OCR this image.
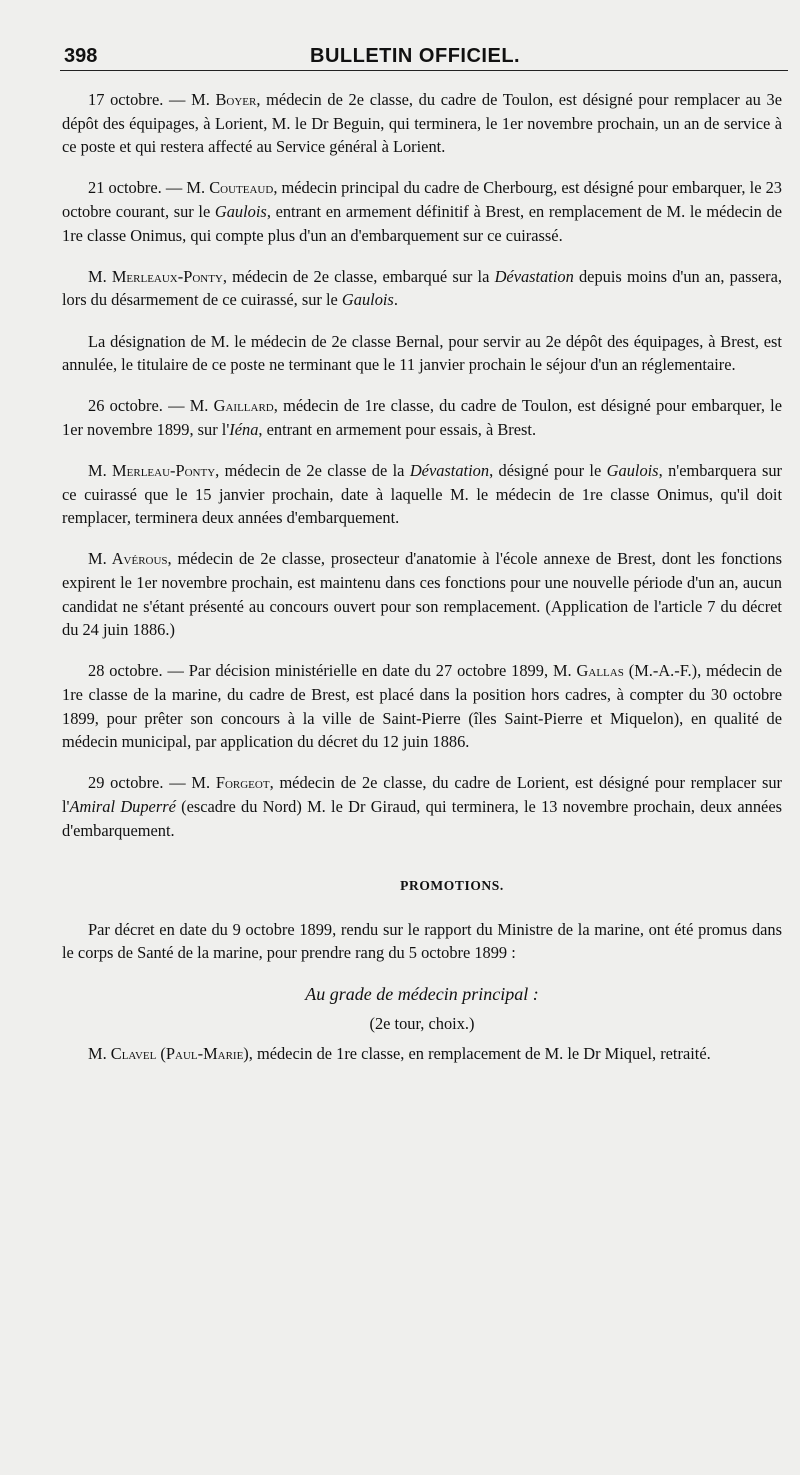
398	BULLETIN OFFICIEL.

17 octobre. — M. Boyer, médecin de 2e classe, du cadre de Toulon, est désigné pour remplacer au 3e dépôt des équipages, à Lorient, M. le Dr Beguin, qui terminera, le 1er novembre prochain, un an de service à ce poste et qui restera affecté au Service général à Lorient.

21 octobre. — M. Couteaud, médecin principal du cadre de Cherbourg, est désigné pour embarquer, le 23 octobre courant, sur le Gaulois, entrant en armement définitif à Brest, en remplacement de M. le médecin de 1re classe Onimus, qui compte plus d'un an d'embarquement sur ce cuirassé.

M. Merleaux-Ponty, médecin de 2e classe, embarqué sur la Dévastation depuis moins d'un an, passera, lors du désarmement de ce cuirassé, sur le Gaulois.

La désignation de M. le médecin de 2e classe Bernal, pour servir au 2e dépôt des équipages, à Brest, est annulée, le titulaire de ce poste ne terminant que le 11 janvier prochain le séjour d'un an réglementaire.

26 octobre. — M. Gaillard, médecin de 1re classe, du cadre de Toulon, est désigné pour embarquer, le 1er novembre 1899, sur l'Iéna, entrant en armement pour essais, à Brest.

M. Merleau-Ponty, médecin de 2e classe de la Dévastation, désigné pour le Gaulois, n'embarquera sur ce cuirassé que le 15 janvier prochain, date à laquelle M. le médecin de 1re classe Onimus, qu'il doit remplacer, terminera deux années d'embarquement.

M. Avérous, médecin de 2e classe, prosecteur d'anatomie à l'école annexe de Brest, dont les fonctions expirent le 1er novembre prochain, est maintenu dans ces fonctions pour une nouvelle période d'un an, aucun candidat ne s'étant présenté au concours ouvert pour son remplacement. (Application de l'article 7 du décret du 24 juin 1886.)

28 octobre. — Par décision ministérielle en date du 27 octobre 1899, M. Gallas (M.-A.-F.), médecin de 1re classe de la marine, du cadre de Brest, est placé dans la position hors cadres, à compter du 30 octobre 1899, pour prêter son concours à la ville de Saint-Pierre (îles Saint-Pierre et Miquelon), en qualité de médecin municipal, par application du décret du 12 juin 1886.

29 octobre. — M. Forgeot, médecin de 2e classe, du cadre de Lorient, est désigné pour remplacer sur l'Amiral Duperré (escadre du Nord) M. le Dr Giraud, qui terminera, le 13 novembre prochain, deux années d'embarquement.

PROMOTIONS.

Par décret en date du 9 octobre 1899, rendu sur le rapport du Ministre de la marine, ont été promus dans le corps de Santé de la marine, pour prendre rang du 5 octobre 1899 :

Au grade de médecin principal :

(2e tour, choix.)

M. Clavel (Paul-Marie), médecin de 1re classe, en remplacement de M. le Dr Miquel, retraité.
